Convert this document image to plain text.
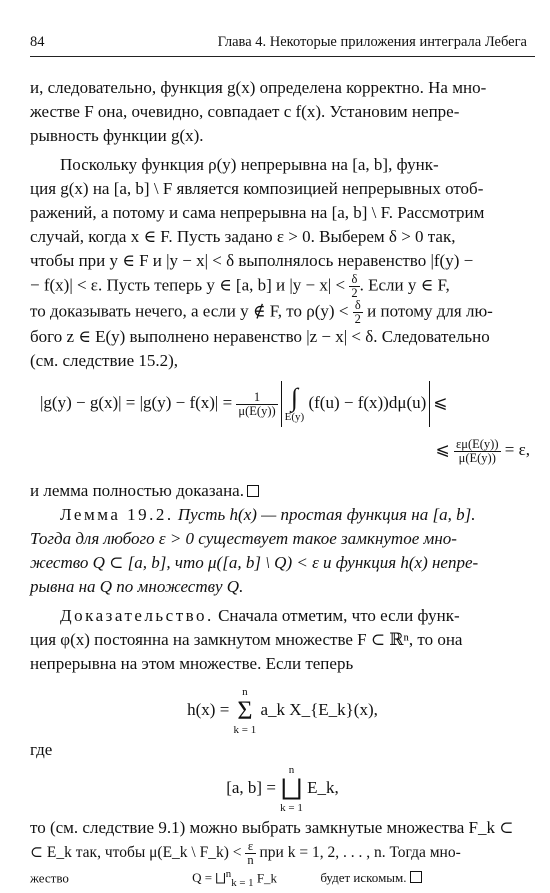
84	Глава 4. Некоторые приложения интеграла Лебега
и, следовательно, функция g(x) определена корректно. На мно-
жестве F она, очевидно, совпадает с f(x). Установим непре-
рывность функции g(x).
Поскольку функция ρ(y) непрерывна на [a, b], функ-
ция g(x) на [a, b] \ F является композицией непрерывных отоб-
ражений, а потому и сама непрерывна на [a, b] \ F. Рассмотрим
случай, когда x ∈ F. Пусть задано ε > 0. Выберем δ > 0 так,
чтобы при y ∈ F и |y − x| < δ выполнялось неравенство |f(y) −
− f(x)| < ε. Пусть теперь y ∈ [a, b] и $|y - x| < \frac{\delta}{2}$ . Если y ∈ F,
то доказывать нечего, а если y ∉ F, то $\rho(y) < \frac{\delta}{2}$ и потому для лю-
бого z ∈ E(y) выполнено неравенство |z − x| < δ. Следовательно
(см. следствие 15.2),
$|g(y) - g(x)| = |g(y) - f(x)| = \frac{1}{\mu(E(y))}$ ∫
E(y)
(f(u) − f(x))dμ(u) ⩽
⩽ $\frac{\varepsilon\mu(E(y))}{\mu(E(y))} = \varepsilon$,
и лемма полностью доказана.
Лемма 19.2. Пусть h(x) — простая функция на [a, b].
Тогда для любого ε > 0 существует такое замкнутое мно-
жество Q ⊂ [a, b], что μ([a, b] \ Q) < ε и функция h(x) непре-
рывна на Q по множеству Q.
Доказательство. Сначала отметим, что если функ-
ция φ(x) постоянна на замкнутом множестве F ⊂ ℝⁿ, то она
непрерывна на этом множестве. Если теперь
h(x) =
n
Σ
k = 1
a_k X_{E_k}(x),
где
[a, b] =
n
⨆
k = 1
E_k,
то (см. следствие 9.1) можно выбрать замкнутые множества F_k ⊂
⊂ E_k так, чтобы μ(E_k \ F_k) < $\frac{\varepsilon}{n}$ при k = 1, 2, . . . , n. Тогда мно-
жество	Q = ⨆$^n_{k = 1}$ F_k	будет искомым.
